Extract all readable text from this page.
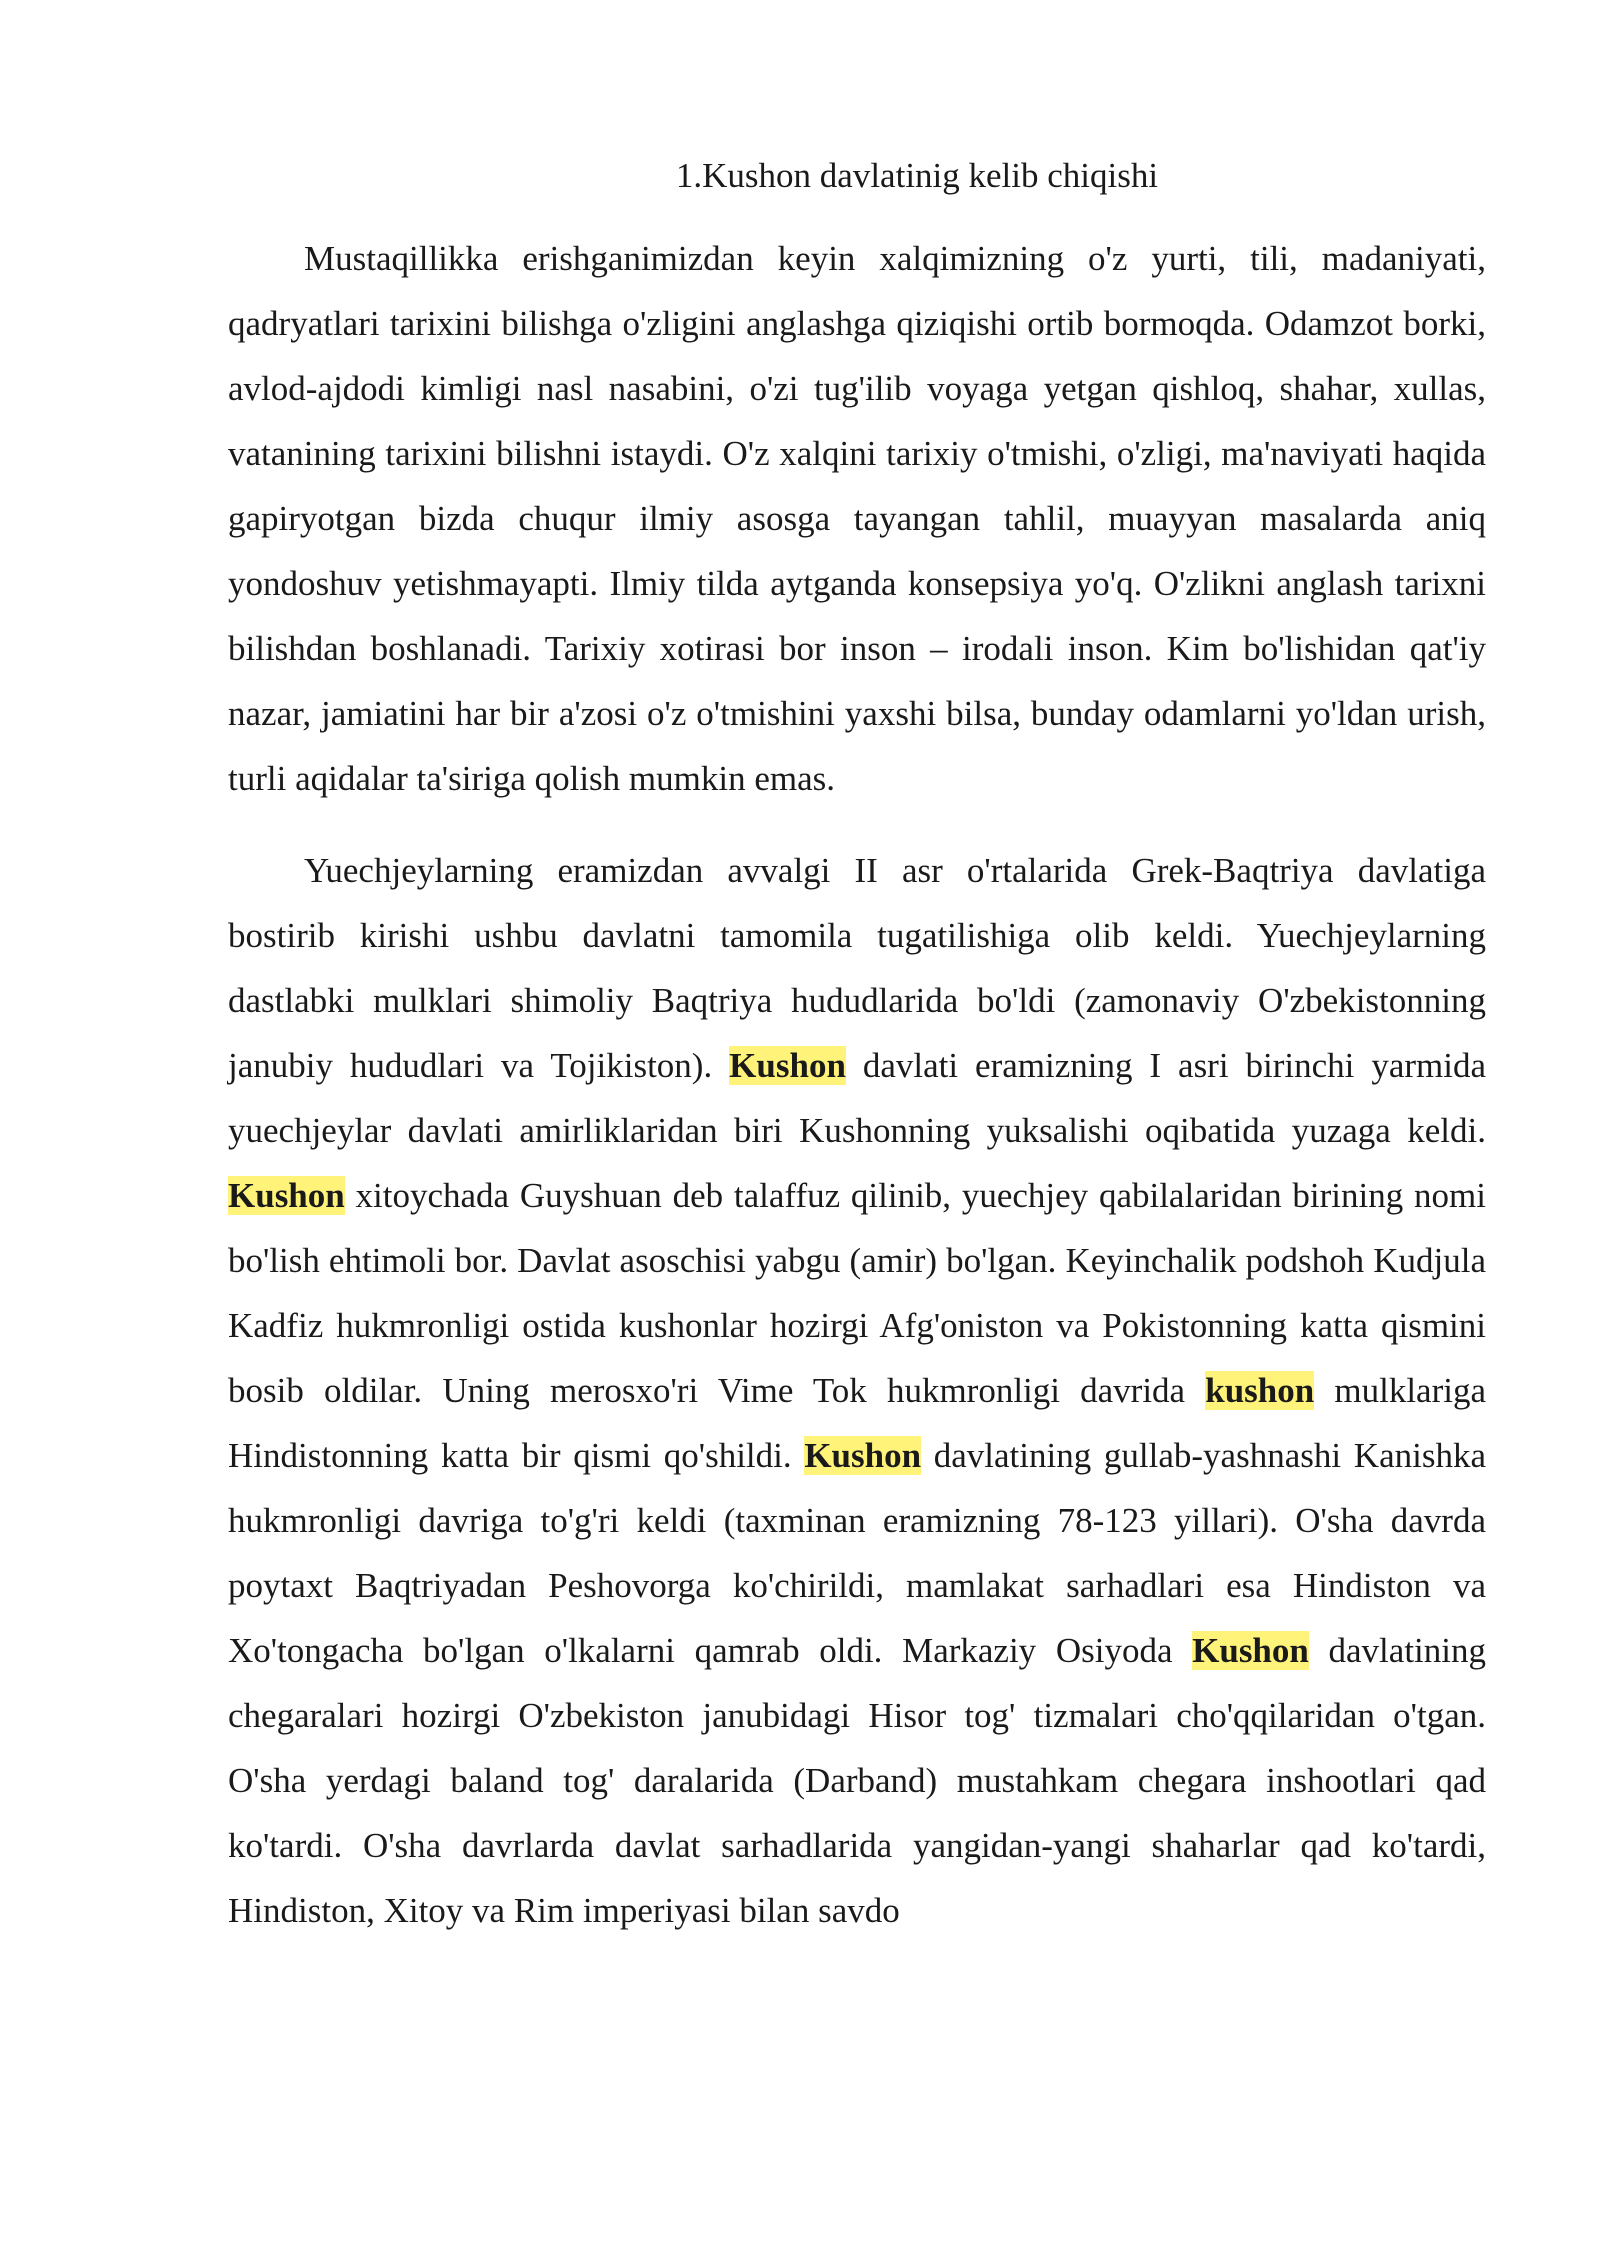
1.Kushon davlatinig kelib chiqishi

Mustaqillikka erishganimizdan keyin xalqimizning o'z yurti, tili, madaniyati, qadryatlari tarixini bilishga o'zligini anglashga qiziqishi ortib bormoqda. Odamzot borki, avlod-ajdodi kimligi nasl nasabini, o'zi tug'ilib voyaga yetgan qishloq, shahar, xullas, vatanining tarixini bilishni istaydi. O'z xalqini tarixiy o'tmishi, o'zligi, ma'naviyati haqida gapiryotgan bizda chuqur ilmiy asosga tayangan tahlil, muayyan masalarda aniq yondoshuv yetishmayapti. Ilmiy tilda aytganda konsepsiya yo'q. O'zlikni anglash tarixni bilishdan boshlanadi. Tarixiy xotirasi bor inson – irodali inson. Kim bo'lishidan qat'iy nazar, jamiatini har bir a'zosi o'z o'tmishini yaxshi bilsa, bunday odamlarni yo'ldan urish, turli aqidalar ta'siriga qolish mumkin emas.

Yuechjeylarning eramizdan avvalgi II asr o'rtalarida Grek-Baqtriya davlatiga bostirib kirishi ushbu davlatni tamomila tugatilishiga olib keldi. Yuechjeylarning dastlabki mulklari shimoliy Baqtriya hududlarida bo'ldi (zamonaviy O'zbekistonning janubiy hududlari va Tojikiston). Kushon davlati eramizning I asri birinchi yarmida yuechjeylar davlati amirliklaridan biri Kushonning yuksalishi oqibatida yuzaga keldi. Kushon xitoychada Guyshuan deb talaffuz qilinib, yuechjey qabilalaridan birining nomi bo'lish ehtimoli bor. Davlat asoschisi yabgu (amir) bo'lgan. Keyinchalik podshoh Kudjula Kadfiz hukmronligi ostida kushonlar hozirgi Afg'oniston va Pokistonning katta qismini bosib oldilar. Uning merosxo'ri Vime Tok hukmronligi davrida kushon mulklariga Hindistonning katta bir qismi qo'shildi. Kushon davlatining gullab-yashnashi Kanishka hukmronligi davriga to'g'ri keldi (taxminan eramizning 78-123 yillari). O'sha davrda poytaxt Baqtriyadan Peshovorga ko'chirildi, mamlakat sarhadlari esa Hindiston va Xo'tongacha bo'lgan o'lkalarni qamrab oldi. Markaziy Osiyoda Kushon davlatining chegaralari hozirgi O'zbekiston janubidagi Hisor tog' tizmalari cho'qqilaridan o'tgan. O'sha yerdagi baland tog' daralarida (Darband) mustahkam chegara inshootlari qad ko'tardi. O'sha davrlarda davlat sarhadlarida yangidan-yangi shaharlar qad ko'tardi, Hindiston, Xitoy va Rim imperiyasi bilan savdo
